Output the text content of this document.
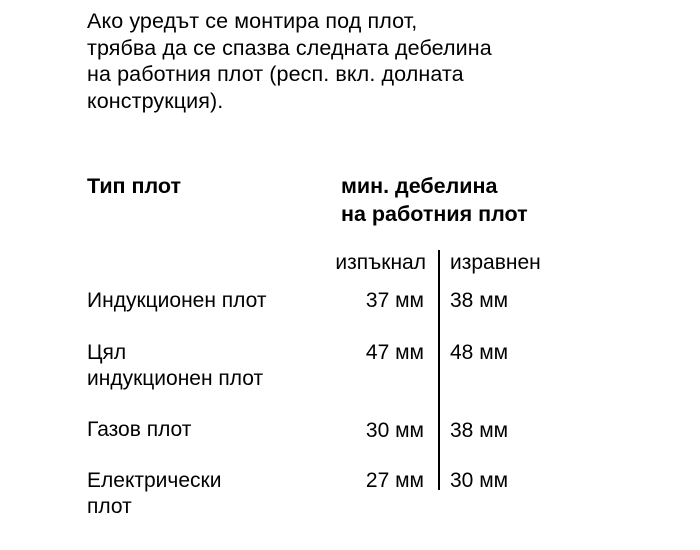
Ако уредът се монтира под плот,
трябва да се спазва следната дебелина
на работния плот (респ. вкл. долната
конструкция).
Тип плот	мин. дебелина
на работния плот
изпъкнал изравнен
Индукционен плот	37 мм 38 мм
Цял
индукционен плот
47 мм 48 мм
Газов плот	30 мм 38 мм
Електрически
плот
27 мм 30 мм
